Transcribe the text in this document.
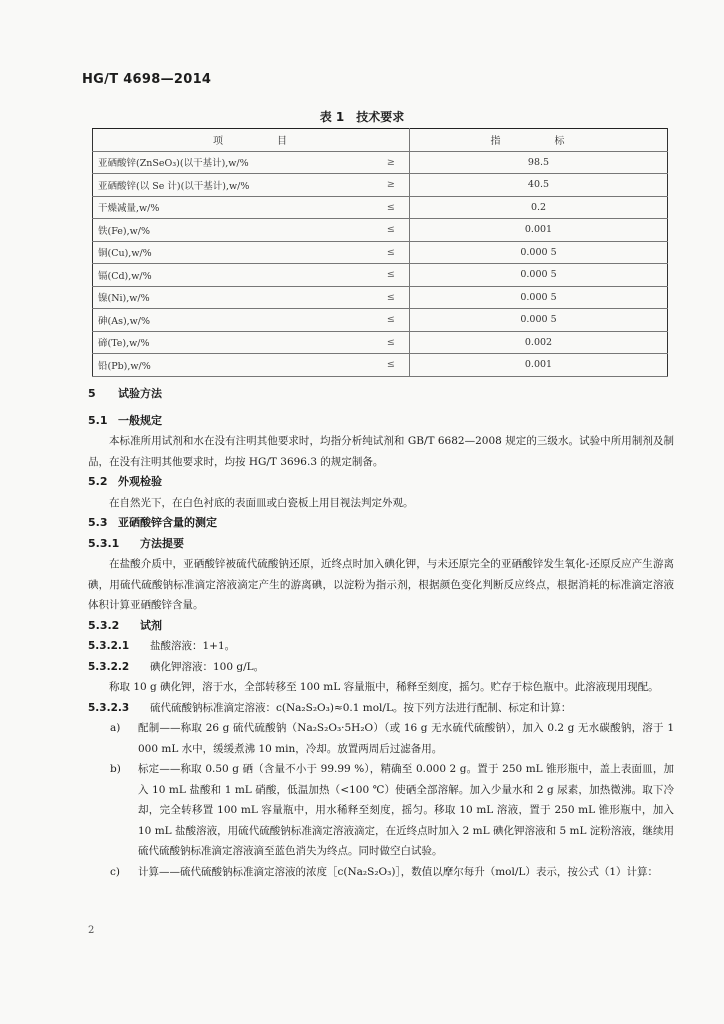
HG/T 4698—2014
表 1　技术要求
项　目		指　标
亚硒酸锌(ZnSeO₃)(以干基计),w/%	≥	98.5
亚硒酸锌(以 Se 计)(以干基计),w/%	≥	40.5
干燥减量,w/%	≤	0.2
铁(Fe),w/%	≤	0.001
铜(Cu),w/%	≤	0.000 5
镉(Cd),w/%	≤	0.000 5
镍(Ni),w/%	≤	0.000 5
砷(As),w/%	≤	0.000 5
碲(Te),w/%	≤	0.002
铅(Pb),w/%	≤	0.001
5 试验方法
5.1 一般规定

本标准所用试剂和水在没有注明其他要求时，均指分析纯试剂和 GB/T 6682—2008 规定的三级水。试验中所用制剂及制品，在没有注明其他要求时，均按 HG/T 3696.3 的规定制备。

5.2 外观检验

在自然光下，在白色衬底的表面皿或白瓷板上用目视法判定外观。

5.3 亚硒酸锌含量的测定
5.3.1 方法提要

在盐酸介质中，亚硒酸锌被硫代硫酸钠还原，近终点时加入碘化钾，与未还原完全的亚硒酸锌发生氧化-还原反应产生游离碘，用硫代硫酸钠标准滴定溶液滴定产生的游离碘，以淀粉为指示剂，根据颜色变化判断反应终点，根据消耗的标准滴定溶液体积计算亚硒酸锌含量。

5.3.2 试剂

5.3.2.1 盐酸溶液：1+1。

5.3.2.2 碘化钾溶液：100 g/L。

称取 10 g 碘化钾，溶于水，全部转移至 100 mL 容量瓶中，稀释至刻度，摇匀。贮存于棕色瓶中。此溶液现用现配。

5.3.2.3 硫代硫酸钠标准滴定溶液：c(Na₂S₂O₃)≈0.1 mol/L。按下列方法进行配制、标定和计算：

a)	配制——称取 26 g 硫代硫酸钠（Na₂S₂O₃·5H₂O）（或 16 g 无水硫代硫酸钠），加入 0.2 g 无水碳酸钠，溶于 1 000 mL 水中，缓缓煮沸 10 min，冷却。放置两周后过滤备用。
b)	标定——称取 0.50 g 硒（含量不小于 99.99 %），精确至 0.000 2 g。置于 250 mL 锥形瓶中，盖上表面皿，加入 10 mL 盐酸和 1 mL 硝酸，低温加热（<100 ℃）使硒全部溶解。加入少量水和 2 g 尿素，加热微沸。取下冷却，完全转移置 100 mL 容量瓶中，用水稀释至刻度，摇匀。移取 10 mL 溶液，置于 250 mL 锥形瓶中，加入 10 mL 盐酸溶液，用硫代硫酸钠标准滴定溶液滴定，在近终点时加入 2 mL 碘化钾溶液和 5 mL 淀粉溶液，继续用硫代硫酸钠标准滴定溶液滴至蓝色消失为终点。同时做空白试验。
c)	计算——硫代硫酸钠标准滴定溶液的浓度［c(Na₂S₂O₃)］，数值以摩尔每升（mol/L）表示，按公式（1）计算：
2
